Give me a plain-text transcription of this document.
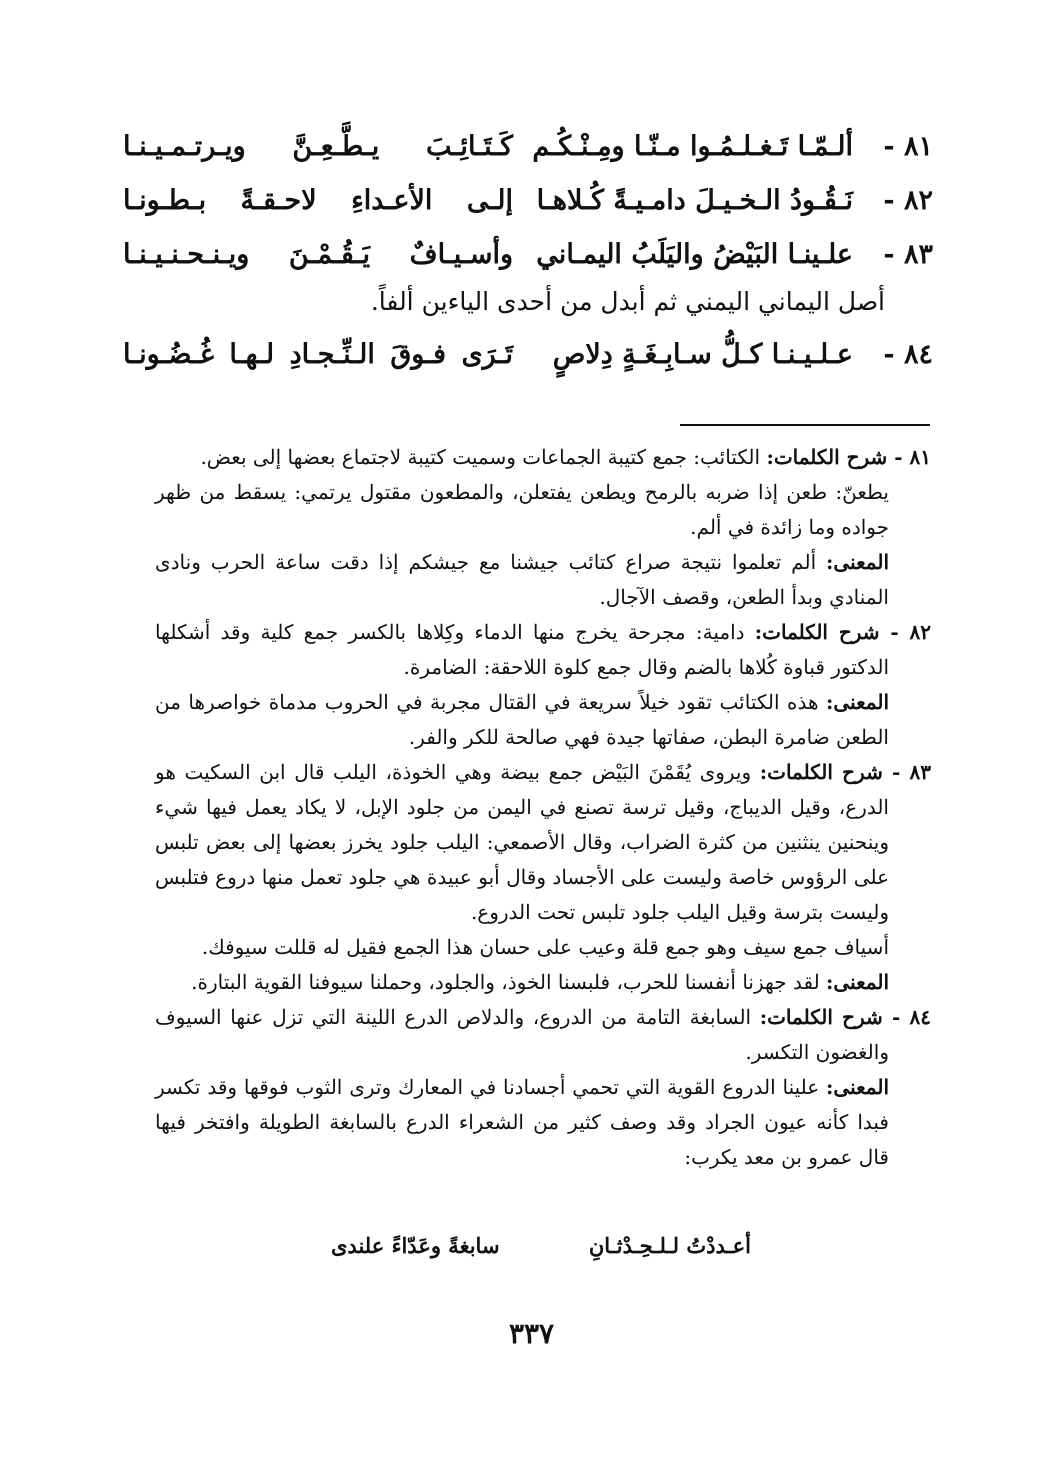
٨١ -
ألـمّـا تَـغـلـمُـوا مـنّـا ومِـنْـكُـم
كَـتَـائِـبَ يـطَّـعِـنَّ ويـرتـمـيـنـا
٨٢ -
نَـقُـودُ الـخـيـلَ دامـيـةً كُـلاهـا
إلـى الأعـداءِ لاحـقـةً بـطـونـا
٨٣ -
علـينـا البَيْضُ واليَلَبُ اليمـاني
وأسـيـافٌ يَـقُـمْـنَ ويـنـحـنـيـنـا
أصل اليماني اليمني ثم أبدل من أحدى الياءين ألفاً.
٨٤ -
عـلـيـنـا كـلُّ سـابِـغَـةٍ دِلاصٍ
تَـرَى فـوقَ الـنِّـجـادِ لـهـا غُـضُـونـا

٨١ - شرح الكلمات: الكتائب: جمع كتيبة الجماعات وسميت كتيبة لاجتماع بعضها إلى بعض.

يطعنّ: طعن إذا ضربه بالرمح ويطعن يفتعلن، والمطعون مقتول يرتمي: يسقط من ظهر جواده وما زائدة في ألم.

المعنى: ألم تعلموا نتيجة صراع كتائب جيشنا مع جيشكم إذا دقت ساعة الحرب ونادى المنادي وبدأ الطعن، وقصف الآجال.

٨٢ - شرح الكلمات: دامية: مجرحة يخرج منها الدماء وكِلاها بالكسر جمع كلية وقد أشكلها الدكتور قباوة كُلاها بالضم وقال جمع كلوة اللاحقة: الضامرة.

المعنى: هذه الكتائب تقود خيلاً سريعة في القتال مجربة في الحروب مدماة خواصرها من الطعن ضامرة البطن، صفاتها جيدة فهي صالحة للكر والفر.

٨٣ - شرح الكلمات: ويروى يُقَمْنَ البَيْض جمع بيضة وهي الخوذة، اليلب قال ابن السكيت هو الدرع، وقيل الديباج، وقيل ترسة تصنع في اليمن من جلود الإبل، لا يكاد يعمل فيها شيء وينحنين ينثنين من كثرة الضراب، وقال الأصمعي: اليلب جلود يخرز بعضها إلى بعض تلبس على الرؤوس خاصة وليست على الأجساد وقال أبو عبيدة هي جلود تعمل منها دروع فتلبس وليست بترسة وقيل اليلب جلود تلبس تحت الدروع.

أسياف جمع سيف وهو جمع قلة وعيب على حسان هذا الجمع فقيل له قللت سيوفك.

المعنى: لقد جهزنا أنفسنا للحرب، فلبسنا الخوذ، والجلود، وحملنا سيوفنا القوية البتارة.

٨٤ - شرح الكلمات: السابغة التامة من الدروع، والدلاص الدرع اللينة التي تزل عنها السيوف والغضون التكسر.

المعنى: علينا الدروع القوية التي تحمي أجسادنا في المعارك وترى الثوب فوقها وقد تكسر فبدا كأنه عيون الجراد وقد وصف كثير من الشعراء الدرع بالسابغة الطويلة وافتخر فيها قال عمرو بن معد يكرب:

أعـددْتُ لـلـحِـدْثـانِ
سابغةً وعَدّاءً علندى
٣٣٧
